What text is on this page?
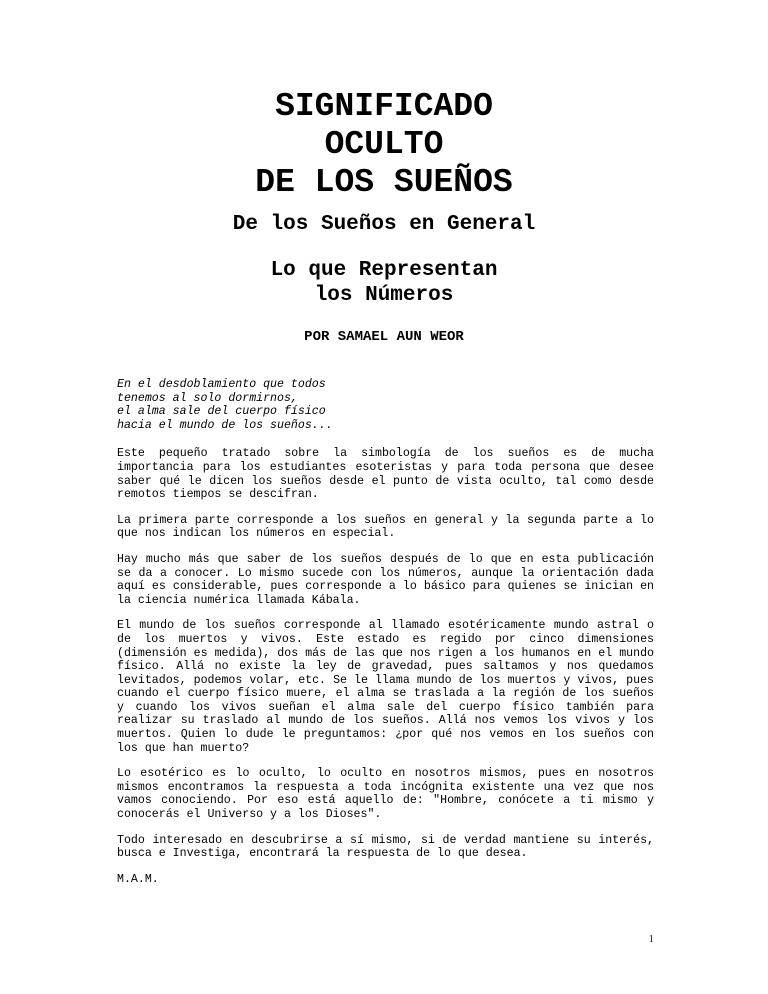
SIGNIFICADO
OCULTO
DE LOS SUEÑOS
De los Sueños en General
Lo que Representan
los Números
POR SAMAEL AUN WEOR
En el desdoblamiento que todos
tenemos al solo dormirnos,
el alma sale del cuerpo físico
hacia el mundo de los sueños...

Este pequeño tratado sobre la simbología de los sueños es de mucha importancia para los estudiantes esoteristas y para toda persona que desee saber qué le dicen los sueños desde el punto de vista oculto, tal como desde remotos tiempos se descifran.

La primera parte corresponde a los sueños en general y la segunda parte a lo que nos indican los números en especial.

Hay mucho más que saber de los sueños después de lo que en esta publicación se da a conocer. Lo mismo sucede con los números, aunque la orientación dada aquí es considerable, pues corresponde a lo básico para quienes se inician en la ciencia numérica llamada Kábala.

El mundo de los sueños corresponde al llamado esotéricamente mundo astral o de los muertos y vivos. Este estado es regido por cinco dimensiones (dimensión es medida), dos más de las que nos rigen a los humanos en el mundo físico. Allá no existe la ley de gravedad, pues saltamos y nos quedamos levitados, podemos volar, etc. Se le llama mundo de los muertos y vivos, pues cuando el cuerpo físico muere, el alma se traslada a la región de los sueños y cuando los vivos sueñan el alma sale del cuerpo físico también para realizar su traslado al mundo de los sueños. Allá nos vemos los vivos y los muertos. Quien lo dude le preguntamos: ¿por qué nos vemos en los sueños con los que han muerto?

Lo esotérico es lo oculto, lo oculto en nosotros mismos, pues en nosotros mismos encontramos la respuesta a toda incógnita existente una vez que nos vamos conociendo. Por eso está aquello de: "Hombre, conócete a ti mismo y conocerás el Universo y a los Dioses".

Todo interesado en descubrirse a sí mismo, si de verdad mantiene su interés, busca e Investiga, encontrará la respuesta de lo que desea.

M.A.M.

1
